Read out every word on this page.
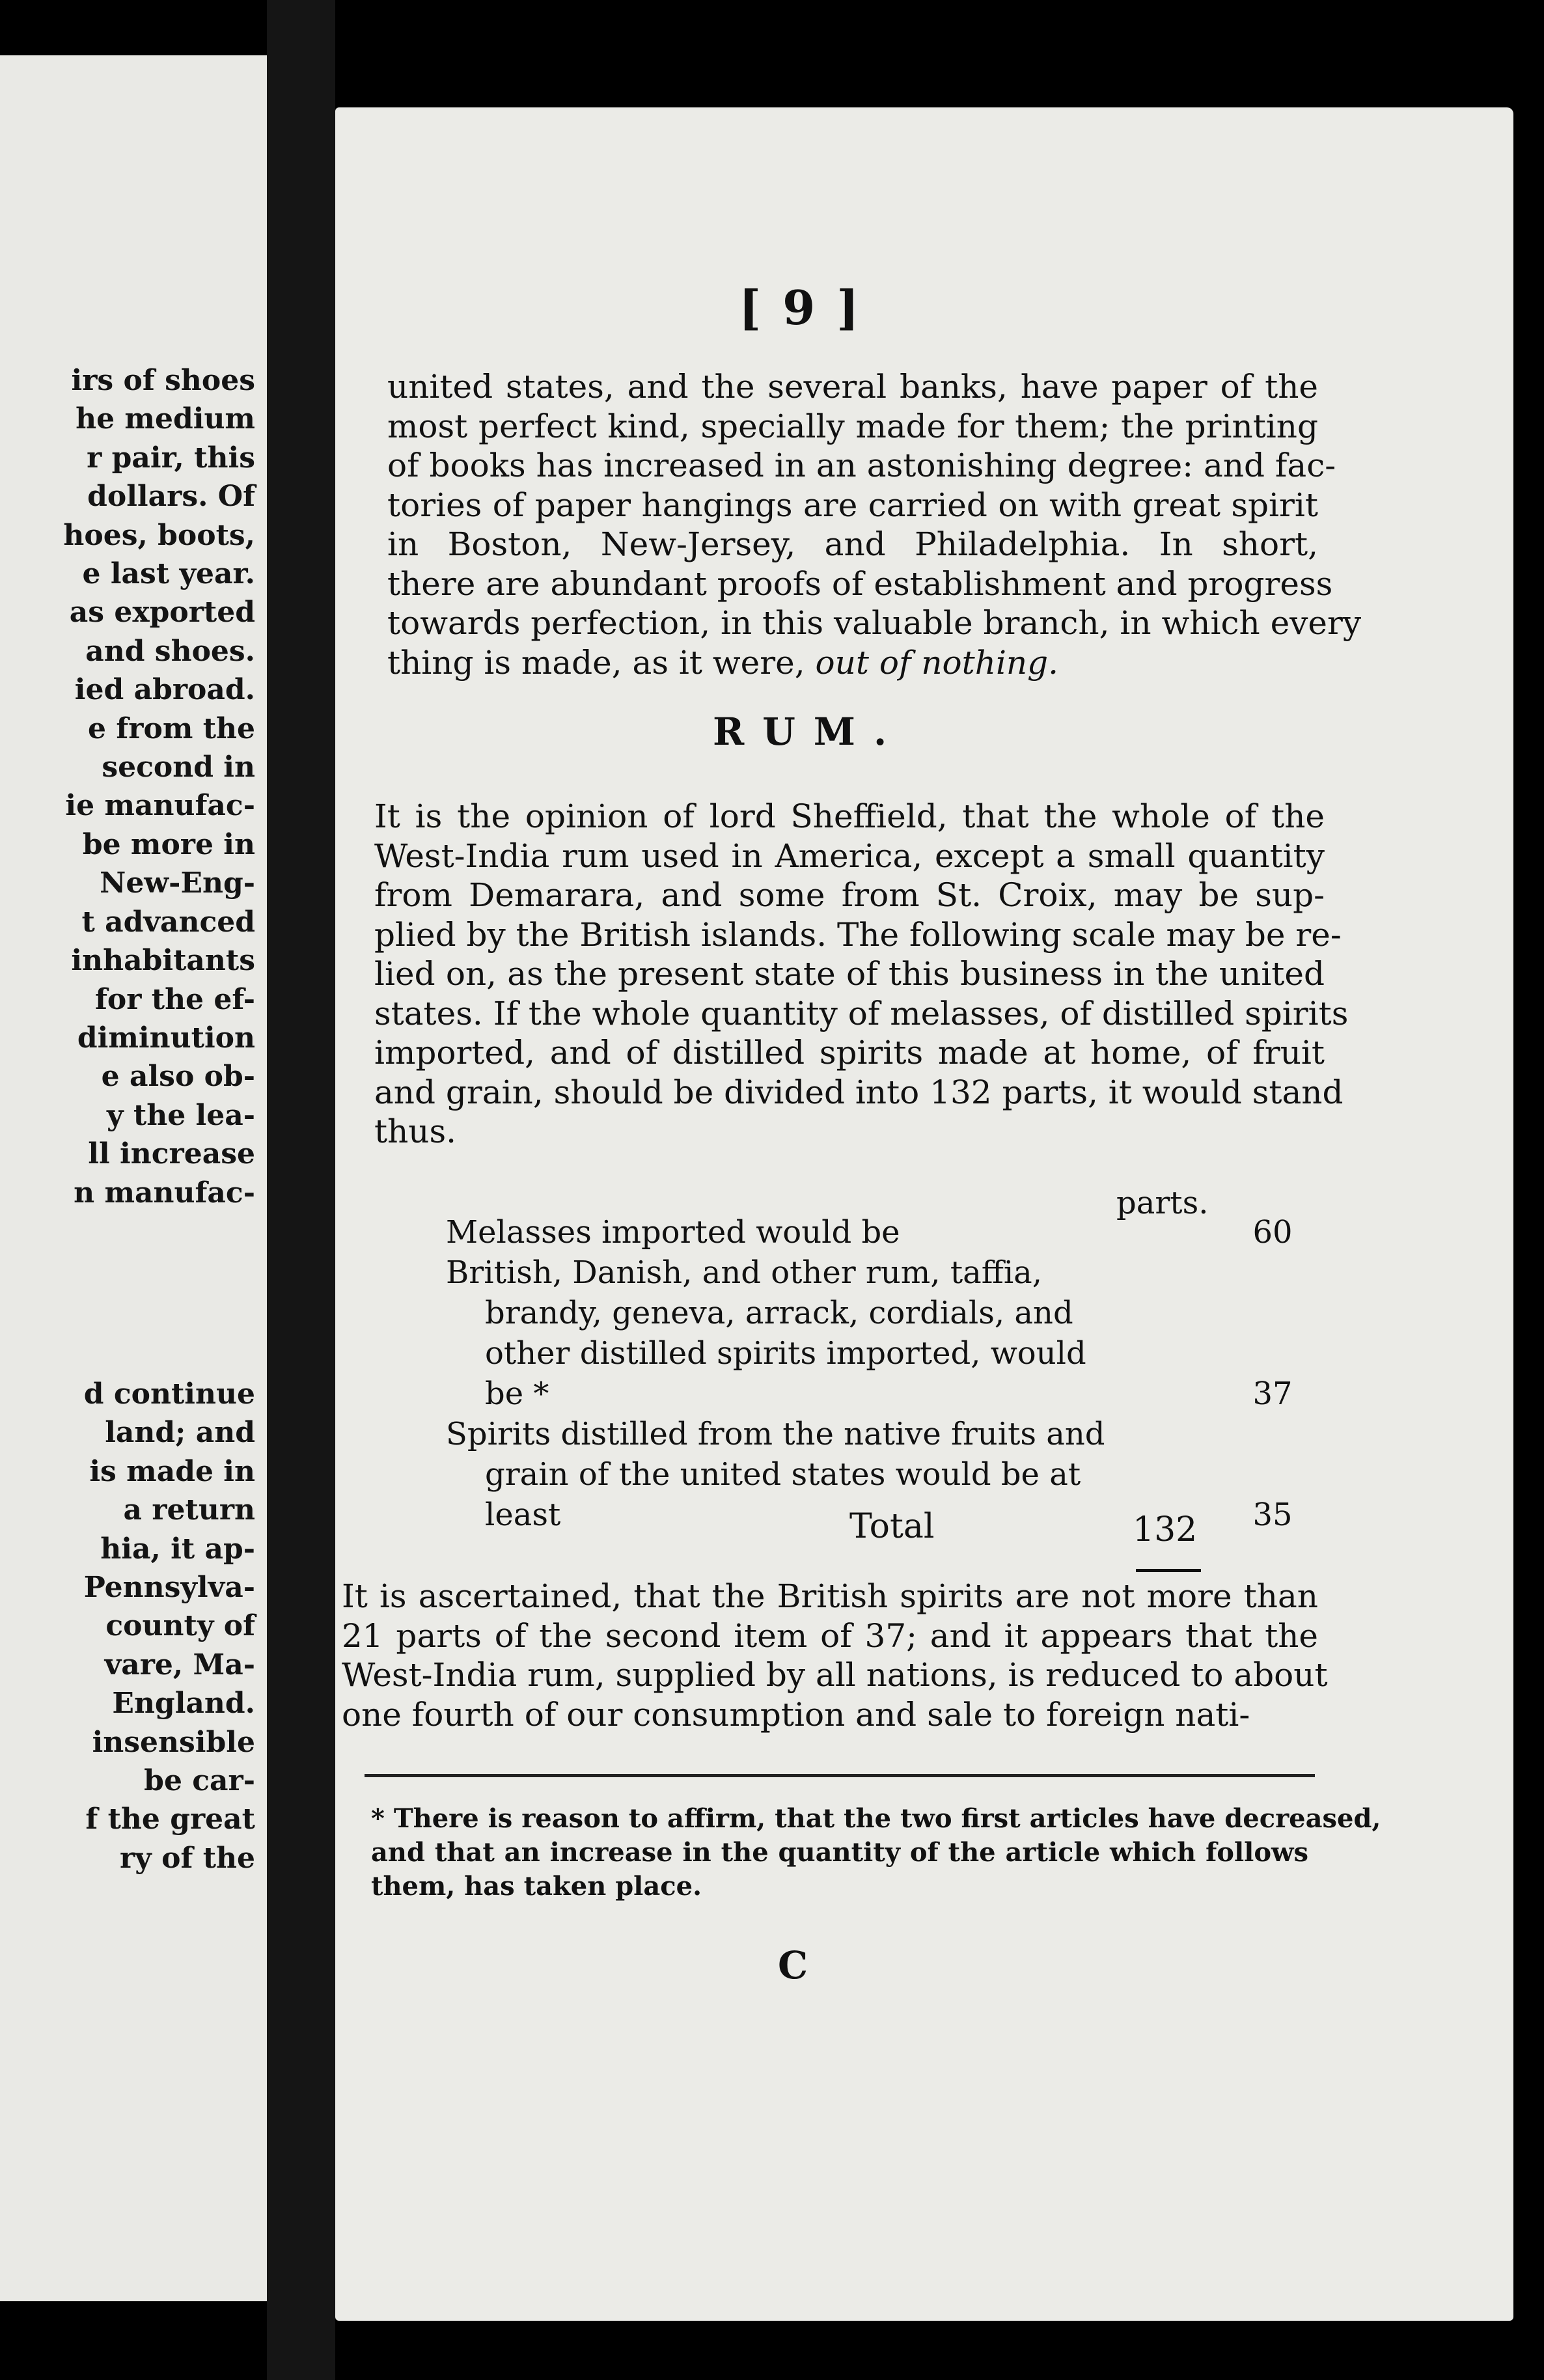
irs of shoes
he medium
r pair, this
dollars. Of
hoes, boots,
e last year.
as exported
and shoes.
ied abroad.
e from the
second in
ie manufac-
be more in
New-Eng-
t advanced
inhabitants
for the ef-
diminution
e also ob-
y the lea-
ll increase
n manufac-
d continue
land; and
is made in
a return
hia, it ap-
Pennsylva-
county of
vare, Ma-
England.
insensible
be car-
f the great
ry of the
[ 9 ]
united states, and the several banks, have paper of the
most perfect kind, specially made for them; the printing
of books has increased in an astonishing degree: and fac-
tories of paper hangings are carried on with great spirit
in Boston, New-Jersey, and Philadelphia. In short,
there are abundant proofs of establishment and progress
towards perfection, in this valuable branch, in which every
thing is made, as it were, out of nothing.
RUM.
It is the opinion of lord Sheffield, that the whole of the
West-India rum used in America, except a small quantity
from Demarara, and some from St. Croix, may be sup-
plied by the British islands. The following scale may be re-
lied on, as the present state of this business in the united
states. If the whole quantity of melasses, of distilled spirits
imported, and of distilled spirits made at home, of fruit
and grain, should be divided into 132 parts, it would stand
thus.
parts.
Melasses imported would be	60
British, Danish, and other rum, taffia,
brandy, geneva, arrack, cordials, and
other distilled spirits imported, would
be *	37
Spirits distilled from the native fruits and
grain of the united states would be at
least	35
Total	132
It is ascertained, that the British spirits are not more than
21 parts of the second item of 37; and it appears that the
West-India rum, supplied by all nations, is reduced to about
one fourth of our consumption and sale to foreign nati-
* There is reason to affirm, that the two first articles have decreased,
and that an increase in the quantity of the article which follows
them, has taken place.
C
